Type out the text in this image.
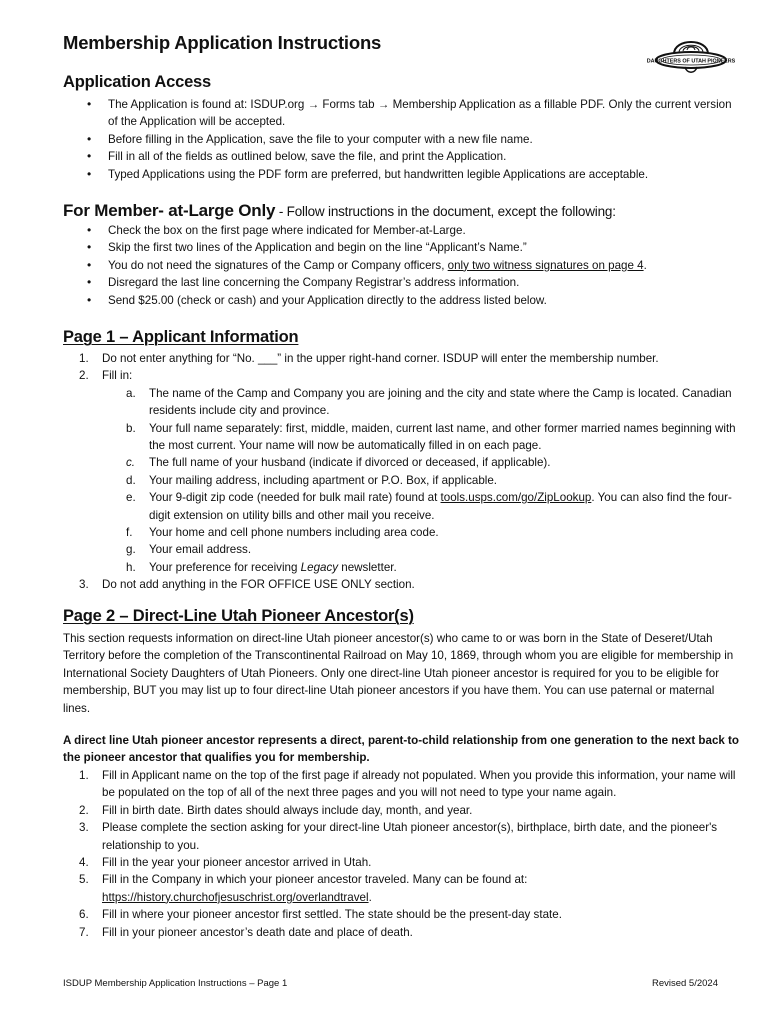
Membership Application Instructions
DAUGHTERS OF UTAH PIONEERS
Application Access
• The Application is found at: ISDUP.org → Forms tab → Membership Application as a fillable PDF. Only the current version of the Application will be accepted.
• Before filling in the Application, save the file to your computer with a new file name.
• Fill in all of the fields as outlined below, save the file, and print the Application.
• Typed Applications using the PDF form are preferred, but handwritten legible Applications are acceptable.
For Member- at-Large Only - Follow instructions in the document, except the following:
• Check the box on the first page where indicated for Member-at-Large.
• Skip the first two lines of the Application and begin on the line “Applicant’s Name.”
• You do not need the signatures of the Camp or Company officers, only two witness signatures on page 4.
• Disregard the last line concerning the Company Registrar’s address information.
• Send $25.00 (check or cash) and your Application directly to the address listed below.
Page 1 – Applicant Information
1. Do not enter anything for “No. ___” in the upper right-hand corner. ISDUP will enter the membership number.
2. Fill in:
a. The name of the Camp and Company you are joining and the city and state where the Camp is located. Canadian residents include city and province.
b. Your full name separately: first, middle, maiden, current last name, and other former married names beginning with the most current. Your name will now be automatically filled in on each page.
c. The full name of your husband (indicate if divorced or deceased, if applicable).
d. Your mailing address, including apartment or P.O. Box, if applicable.
e. Your 9-digit zip code (needed for bulk mail rate) found at tools.usps.com/go/ZipLookup. You can also find the four-digit extension on utility bills and other mail you receive.
f. Your home and cell phone numbers including area code.
g. Your email address.
h. Your preference for receiving Legacy newsletter.
3. Do not add anything in the FOR OFFICE USE ONLY section.
Page 2 – Direct-Line Utah Pioneer Ancestor(s)

This section requests information on direct-line Utah pioneer ancestor(s) who came to or was born in the State of Deseret/Utah Territory before the completion of the Transcontinental Railroad on May 10, 1869, through whom you are eligible for membership in International Society Daughters of Utah Pioneers. Only one direct-line Utah pioneer ancestor is required for you to be eligible for membership, BUT you may list up to four direct-line Utah pioneer ancestors if you have them. You can use paternal or maternal lines.

A direct line Utah pioneer ancestor represents a direct, parent-to-child relationship from one generation to the next back to the pioneer ancestor that qualifies you for membership.

1. Fill in Applicant name on the top of the first page if already not populated. When you provide this information, your name will be populated on the top of all of the next three pages and you will not need to type your name again.
2. Fill in birth date. Birth dates should always include day, month, and year.
3. Please complete the section asking for your direct-line Utah pioneer ancestor(s), birthplace, birth date, and the pioneer's relationship to you.
4. Fill in the year your pioneer ancestor arrived in Utah.
5. Fill in the Company in which your pioneer ancestor traveled. Many can be found at: https://history.churchofjesuschrist.org/overlandtravel.
6. Fill in where your pioneer ancestor first settled. The state should be the present-day state.
7. Fill in your pioneer ancestor’s death date and place of death.
ISDUP Membership Application Instructions – Page 1	Revised 5/2024
